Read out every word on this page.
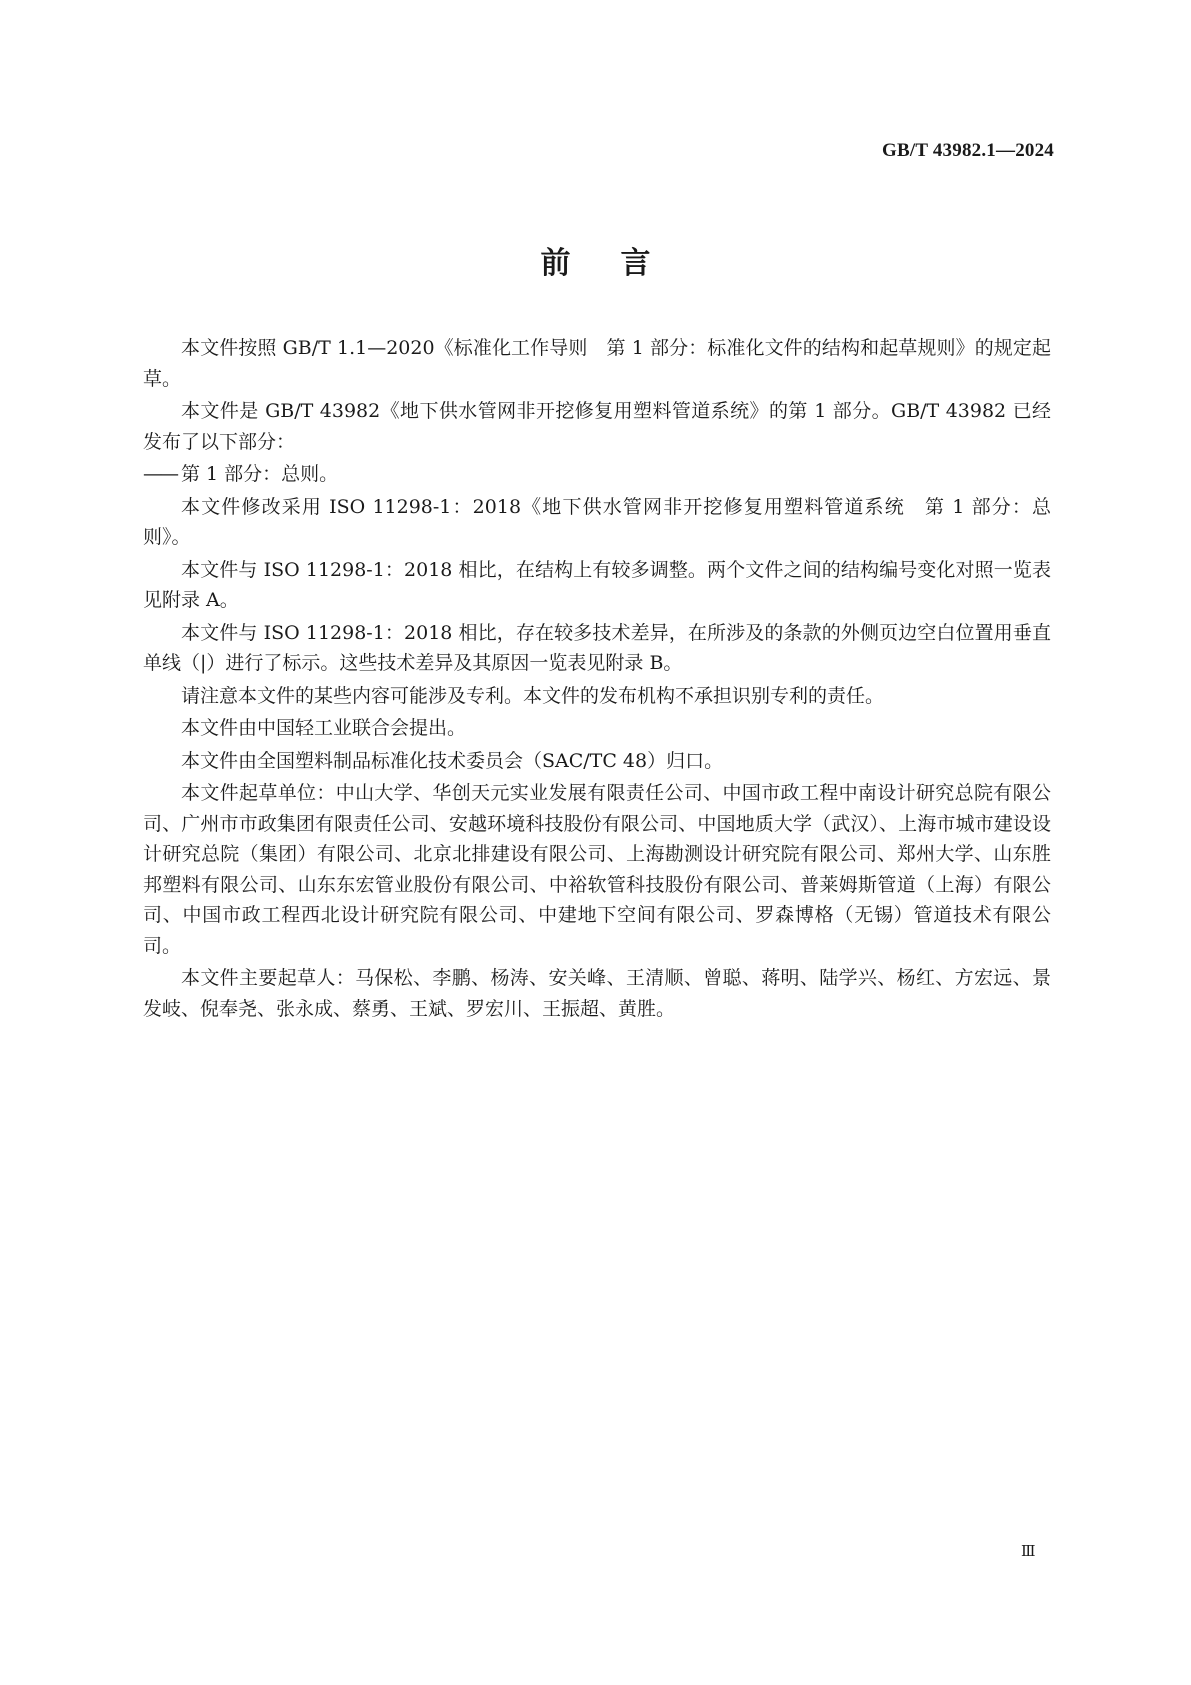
GB/T 43982.1—2024
前言

本文件按照 GB/T 1.1—2020《标准化工作导则　第 1 部分：标准化文件的结构和起草规则》的规定起草。

本文件是 GB/T 43982《地下供水管网非开挖修复用塑料管道系统》的第 1 部分。GB/T 43982 已经发布了以下部分：

—— 第 1 部分：总则。

本文件修改采用 ISO 11298-1：2018《地下供水管网非开挖修复用塑料管道系统　第 1 部分：总则》。

本文件与 ISO 11298-1：2018 相比，在结构上有较多调整。两个文件之间的结构编号变化对照一览表见附录 A。

本文件与 ISO 11298-1：2018 相比，存在较多技术差异，在所涉及的条款的外侧页边空白位置用垂直单线（|）进行了标示。这些技术差异及其原因一览表见附录 B。

请注意本文件的某些内容可能涉及专利。本文件的发布机构不承担识别专利的责任。

本文件由中国轻工业联合会提出。

本文件由全国塑料制品标准化技术委员会（SAC/TC 48）归口。

本文件起草单位：中山大学、华创天元实业发展有限责任公司、中国市政工程中南设计研究总院有限公司、广州市市政集团有限责任公司、安越环境科技股份有限公司、中国地质大学（武汉）、上海市城市建设设计研究总院（集团）有限公司、北京北排建设有限公司、上海勘测设计研究院有限公司、郑州大学、山东胜邦塑料有限公司、山东东宏管业股份有限公司、中裕软管科技股份有限公司、普莱姆斯管道（上海）有限公司、中国市政工程西北设计研究院有限公司、中建地下空间有限公司、罗森博格（无锡）管道技术有限公司。

本文件主要起草人：马保松、李鹏、杨涛、安关峰、王清顺、曾聪、蒋明、陆学兴、杨红、方宏远、景发岐、倪奉尧、张永成、蔡勇、王斌、罗宏川、王振超、黄胜。

Ⅲ
